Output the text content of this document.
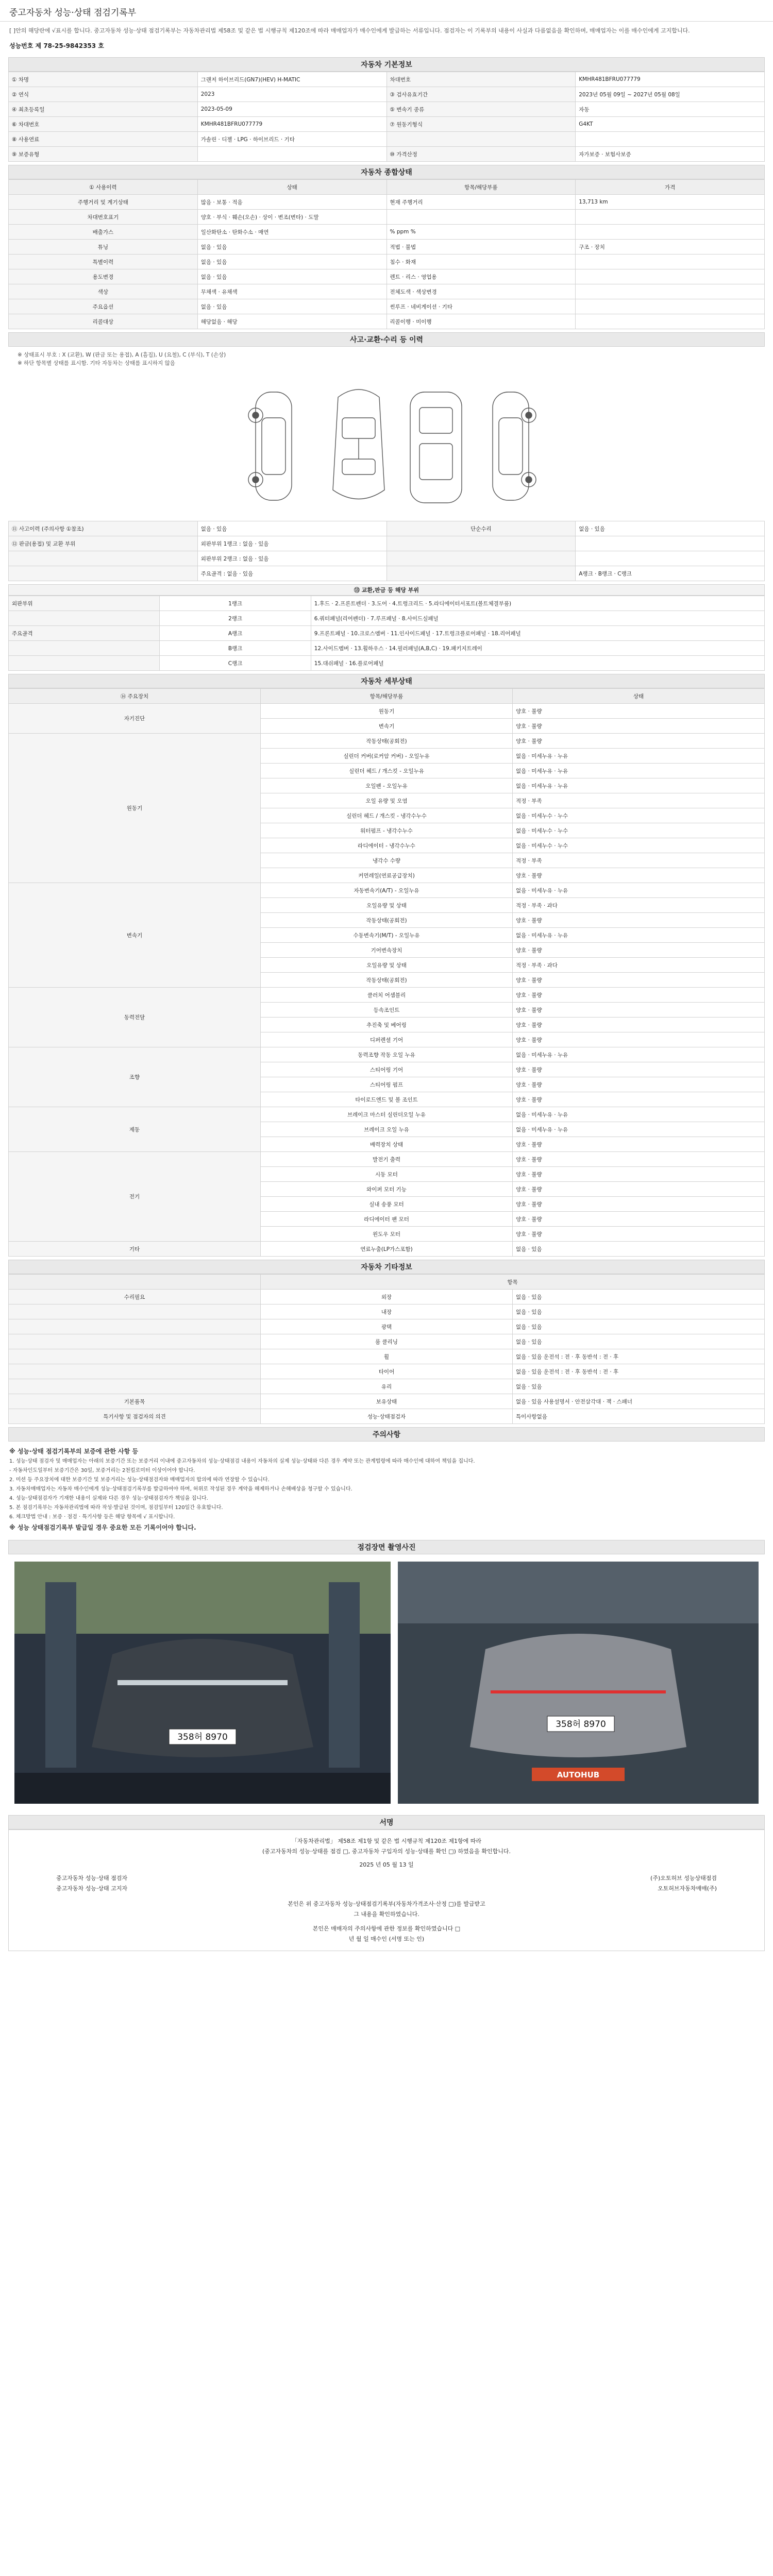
중고자동차 성능·상태 점검기록부
[ ]안의 해당란에 √표시를 합니다. 중고자동차 성능·상태 점검기록부는 자동차관리법 제58조 및 같은 법 시행규칙 제120조에 따라 매매업자가 매수인에게 발급하는 서류입니다. 점검자는 이 기록부의 내용이 사실과 다름없음을 확인하며, 매매업자는 이를 매수인에게 고지합니다.
성능번호 제 78-25-9842353 호
자동차 기본정보
① 차명	그랜저 하이브리드(GN7)(HEV) H-MATIC	차대번호	KMHR481BFRU077779
② 연식	2023	③ 검사유효기간	2023년 05월 09일 ~ 2027년 05월 08일
④ 최초등록일	2023-05-09	⑤ 변속기 종류	자동
⑥ 차대번호	KMHR481BFRU077779	⑦ 원동기형식	G4KT
⑧ 사용연료	가솔린 · 디젤 · LPG · 하이브리드 · 기타		
⑨ 보증유형		⑩ 가격산정	자가보증 · 보험사보증
자동차 종합상태
① 사용이력	상태	항목/해당부품	가격
주행거리 및 계기상태	많음 · 보통 · 적음	현재 주행거리	13,713 km
차대번호표기	양호 · 부식 · 훼손(오손) · 상이 · 변조(변타) · 도말		
배출가스	일산화탄소 · 탄화수소 · 매연	% ppm %	
튜닝	없음 · 있음	적법 · 불법	구조 · 장치
특별이력	없음 · 있음	침수 · 화재	
용도변경	없음 · 있음	렌트 · 리스 · 영업용	
색상	무채색 · 유채색	전체도색 · 색상변경	
주요옵션	없음 · 있음	썬루프 · 네비게이션 · 기타	
리콜대상	해당없음 · 해당	리콜이행 · 미이행	
사고·교환·수리 등 이력
※ 상태표시 부호 : X (교환), W (판금 또는 용접), A (흠집), U (요철), C (부식), T (손상)
※ 하단 항목별 상태를 표시함. 기타 자동차는 상태를 표시하지 않음
⑪ 사고이력 (주의사항 ①참조)	없음 · 있음	단순수리	없음 · 있음
⑫ 판금(용접) 및 교환 부위	외판부위 1랭크 : 없음 · 있음		
	외판부위 2랭크 : 없음 · 있음		
	주요골격 : 없음 · 있음		A랭크 · B랭크 · C랭크
⑬ 교환,판금 등 해당 부위
외판부위	1랭크	1.후드 · 2.프론트펜더 · 3.도어 · 4.트렁크리드 · 5.라디에이터서포트(볼트체결부품)
	2랭크	6.쿼터패널(리어펜더) · 7.루프패널 · 8.사이드실패널
주요골격	A랭크	9.프론트패널 · 10.크로스멤버 · 11.인사이드패널 · 17.트렁크플로어패널 · 18.리어패널
	B랭크	12.사이드멤버 · 13.휠하우스 · 14.필러패널(A,B,C) · 19.패키지트레이
	C랭크	15.대쉬패널 · 16.플로어패널
자동차 세부상태
⑭ 주요장치	항목/해당부품	상태
자기진단	원동기	양호 · 불량
	변속기	양호 · 불량
원동기	작동상태(공회전)	양호 · 불량
	실린더 커버(로커암 커버) - 오일누유	없음 · 미세누유 · 누유
	실린더 헤드 / 개스킷 - 오일누유	없음 · 미세누유 · 누유
	오일팬 - 오일누유	없음 · 미세누유 · 누유
	오일 유량 및 오염	적정 · 부족
	실린더 헤드 / 개스킷 - 냉각수누수	없음 · 미세누수 · 누수
	워터펌프 - 냉각수누수	없음 · 미세누수 · 누수
	라디에이터 - 냉각수누수	없음 · 미세누수 · 누수
	냉각수 수량	적정 · 부족
	커먼레일(연료공급장치)	양호 · 불량
변속기	자동변속기(A/T) - 오일누유	없음 · 미세누유 · 누유
	오일유량 및 상태	적정 · 부족 · 과다
	작동상태(공회전)	양호 · 불량
	수동변속기(M/T) - 오일누유	없음 · 미세누유 · 누유
	기어변속장치	양호 · 불량
	오일유량 및 상태	적정 · 부족 · 과다
	작동상태(공회전)	양호 · 불량
동력전달	클러치 어셈블리	양호 · 불량
	등속조인트	양호 · 불량
	추진축 및 베어링	양호 · 불량
	디퍼렌셜 기어	양호 · 불량
조향	동력조향 작동 오일 누유	없음 · 미세누유 · 누유
	스티어링 기어	양호 · 불량
	스티어링 펌프	양호 · 불량
	타이로드엔드 및 볼 조인트	양호 · 불량
제동	브레이크 마스터 실린더오일 누유	없음 · 미세누유 · 누유
	브레이크 오일 누유	없음 · 미세누유 · 누유
	배력장치 상태	양호 · 불량
전기	발전기 출력	양호 · 불량
	시동 모터	양호 · 불량
	와이퍼 모터 기능	양호 · 불량
	실내 송풍 모터	양호 · 불량
	라디에이터 팬 모터	양호 · 불량
	윈도우 모터	양호 · 불량
기타	연료누출(LP가스포함)	없음 · 있음
자동차 기타정보
	항목	
수리필요	외장	없음 · 있음
	내장	없음 · 있음
	광택	없음 · 있음
	룸 클리닝	없음 · 있음
	휠	없음 · 있음 운전석 : 전 · 후 동반석 : 전 · 후
	타이어	없음 · 있음 운전석 : 전 · 후 동반석 : 전 · 후
	유리	없음 · 있음
기본품목	보유상태	없음 · 있음 사용설명서 · 안전삼각대 · 잭 · 스패너
특기사항 및 점검자의 의견	성능·상태점검자	특이사항없음
주의사항
※ 성능·상태 점검기록부의 보증에 관한 사항 등

1. 성능·상태 점검자 및 매매업자는 아래의 보증기간 또는 보증거리 이내에 중고자동차의 성능·상태점검 내용이 자동차의 실제 성능·상태와 다른 경우 계약 또는 관계법령에 따라 매수인에 대하여 책임을 집니다.

- 자동차인도일부터 보증기간은 30일, 보증거리는 2천킬로미터 이상이어야 합니다.

2. 미션 등 주요장치에 대한 보증기간 및 보증거리는 성능·상태점검자와 매매업자의 합의에 따라 연장할 수 있습니다.

3. 자동차매매업자는 자동차 매수인에게 성능·상태점검기록부를 발급하여야 하며, 허위로 작성된 경우 계약을 해제하거나 손해배상을 청구할 수 있습니다.

4. 성능·상태점검자가 기재한 내용이 실제와 다른 경우 성능·상태점검자가 책임을 집니다.

5. 본 점검기록부는 자동차관리법에 따라 작성·발급된 것이며, 점검일부터 120일간 유효합니다.

6. 체크방법 안내 : 보증 · 점검 · 특기사항 등은 해당 항목에 √ 표시합니다.

※ 성능 상태점검기록부 발급일 경우 중요한 모든 기록이어야 합니다.
점검장면 촬영사진
358허 8970
358허 8970
AUTOHUB
서명
「자동차관리법」 제58조 제1항 및 같은 법 시행규칙 제120조 제1항에 따라
(중고자동차의 성능·상태를 점검 □, 중고자동차 구입자의 성능·상태를 확인 □) 하였음을 확인합니다.
2025 년 05 월 13 일
중고자동차 성능·상태 점검자	(주)오토허브 성능상태점검
중고자동차 성능·상태 고지자	오토허브자동차매매(주)
본인은 위 중고자동차 성능·상태점검기록부(자동차가격조사·산정 □)를 발급받고
그 내용을 확인하였습니다.
본인은 매매자의 주의사항에 관한 정보를 확인하였습니다 □
년 월 일 매수인 (서명 또는 인)
